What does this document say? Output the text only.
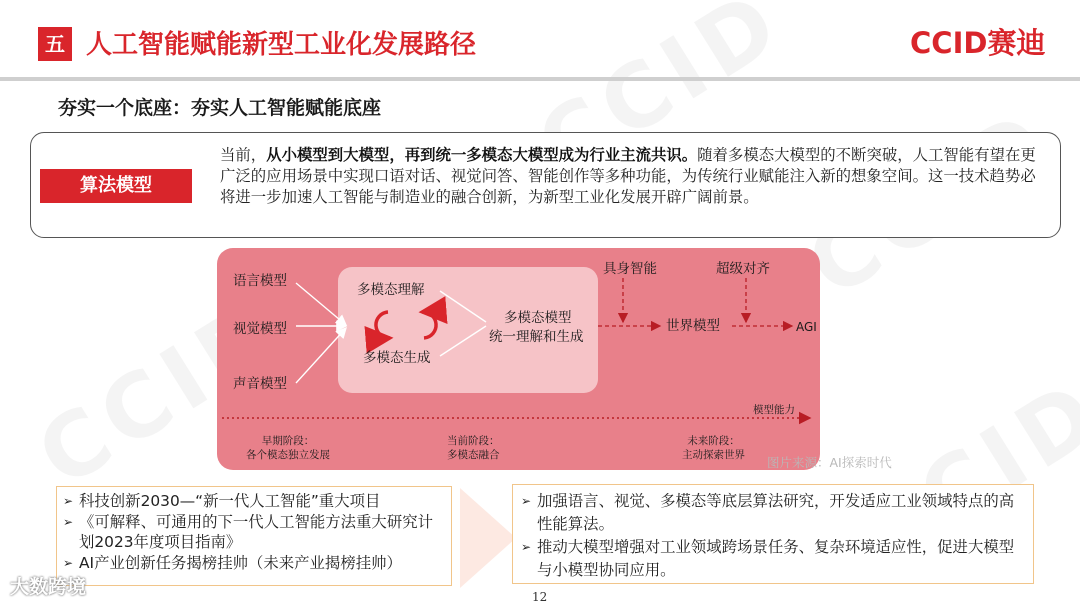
五 人工智能赋能新型工业化发展路径	CCID赛迪
夯实一个底座：夯实人工智能赋能底座
算法模型
当前，从小模型到大模型，再到统一多模态大模型成为行业主流共识。随着多模态大模型的不断突破，人工智能有望在更广泛的应用场景中实现口语对话、视觉问答、智能创作等多种功能，为传统行业赋能注入新的想象空间。这一技术趋势必将进一步加速人工智能与制造业的融合创新，为新型工业化发展开辟广阔前景。
语言模型
视觉模型
声音模型
多模态理解
多模态生成
多模态模型
统一理解和生成
具身智能	超级对齐
世界模型	AGI
模型能力
早期阶段：
各个模态独立发展
当前阶段：
多模态融合
未来阶段：
主动探索世界 图片来源：AI探索时代
➢ 科技创新2030—“新一代人工智能”重大项目
➢ 《可解释、可通用的下一代人工智能方法重大研究计划2023年度项目指南》
➢ AI产业创新任务揭榜挂帅（未来产业揭榜挂帅）
➢ 加强语言、视觉、多模态等底层算法研究，开发适应工业领域特点的高性能算法。
➢ 推动大模型增强对工业领域跨场景任务、复杂环境适应性，促进大模型与小模型协同应用。
12
大数跨境
